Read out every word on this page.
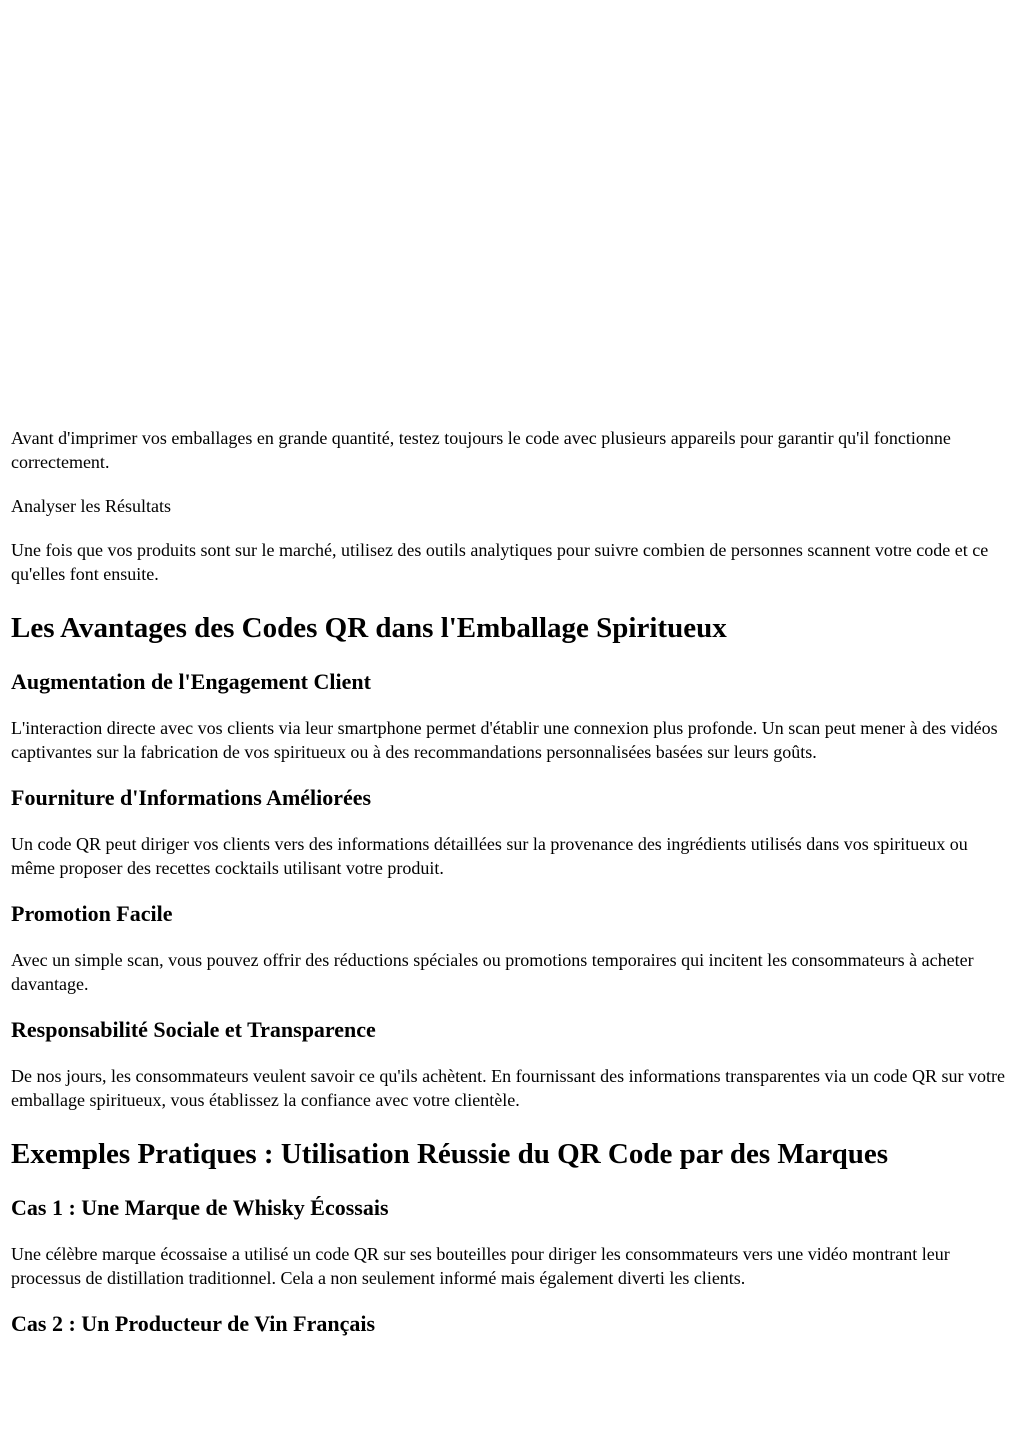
Avant d'imprimer vos emballages en grande quantité, testez toujours le code avec plusieurs appareils pour garantir qu'il fonctionne correctement.

Analyser les Résultats

Une fois que vos produits sont sur le marché, utilisez des outils analytiques pour suivre combien de personnes scannent votre code et ce qu'elles font ensuite.

Les Avantages des Codes QR dans l'Emballage Spiritueux
Augmentation de l'Engagement Client

L'interaction directe avec vos clients via leur smartphone permet d'établir une connexion plus profonde. Un scan peut mener à des vidéos captivantes sur la fabrication de vos spiritueux ou à des recommandations personnalisées basées sur leurs goûts.

Fourniture d'Informations Améliorées

Un code QR peut diriger vos clients vers des informations détaillées sur la provenance des ingrédients utilisés dans vos spiritueux ou même proposer des recettes cocktails utilisant votre produit.

Promotion Facile

Avec un simple scan, vous pouvez offrir des réductions spéciales ou promotions temporaires qui incitent les consommateurs à acheter davantage.

Responsabilité Sociale et Transparence

De nos jours, les consommateurs veulent savoir ce qu'ils achètent. En fournissant des informations transparentes via un code QR sur votre emballage spiritueux, vous établissez la confiance avec votre clientèle.

Exemples Pratiques : Utilisation Réussie du QR Code par des Marques
Cas 1 : Une Marque de Whisky Écossais

Une célèbre marque écossaise a utilisé un code QR sur ses bouteilles pour diriger les consommateurs vers une vidéo montrant leur processus de distillation traditionnel. Cela a non seulement informé mais également diverti les clients.

Cas 2 : Un Producteur de Vin Français
